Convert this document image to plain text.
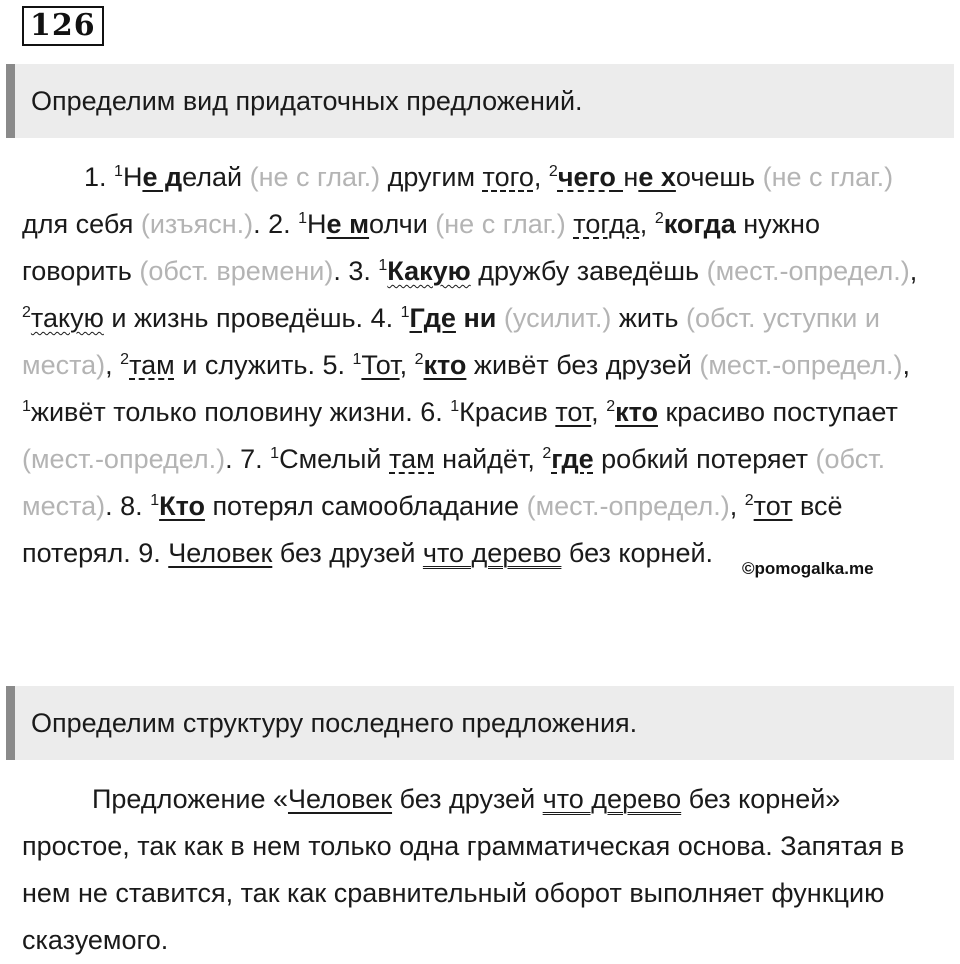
126
Определим вид придаточных предложений.

1. $^1$Не делай (не с глаг.) другим того, $^2$чего не хочешь (не с глаг.) для себя (изъясн.). 2. $^1$Не молчи (не с глаг.) тогда, $^2$когда нужно говорить (обст. времени). 3. $^1$Какую дружбу заведёшь (мест.-определ.), $^2$такую и жизнь проведёшь. 4. $^1$Где ни (усилит.) жить (обст. уступки и места), $^2$там и служить. 5. $^1$Тот, $^2$кто живёт без друзей (мест.-определ.), $^1$живёт только половину жизни. 6. $^1$Красив тот, $^2$кто красиво поступает (мест.-определ.). 7. $^1$Смелый там найдёт, $^2$где робкий потеряет (обст. места). 8. $^1$Кто потерял самообладание (мест.-определ.), $^2$тот всё потерял. 9. Человек без друзей что дерево без корней.

©pomogalka.me
Определим структуру последнего предложения.

Предложение «Человек без друзей что дерево без корней» простое, так как в нем только одна грамматическая основа. Запятая в нем не ставится, так как сравнительный оборот выполняет функцию сказуемого.
